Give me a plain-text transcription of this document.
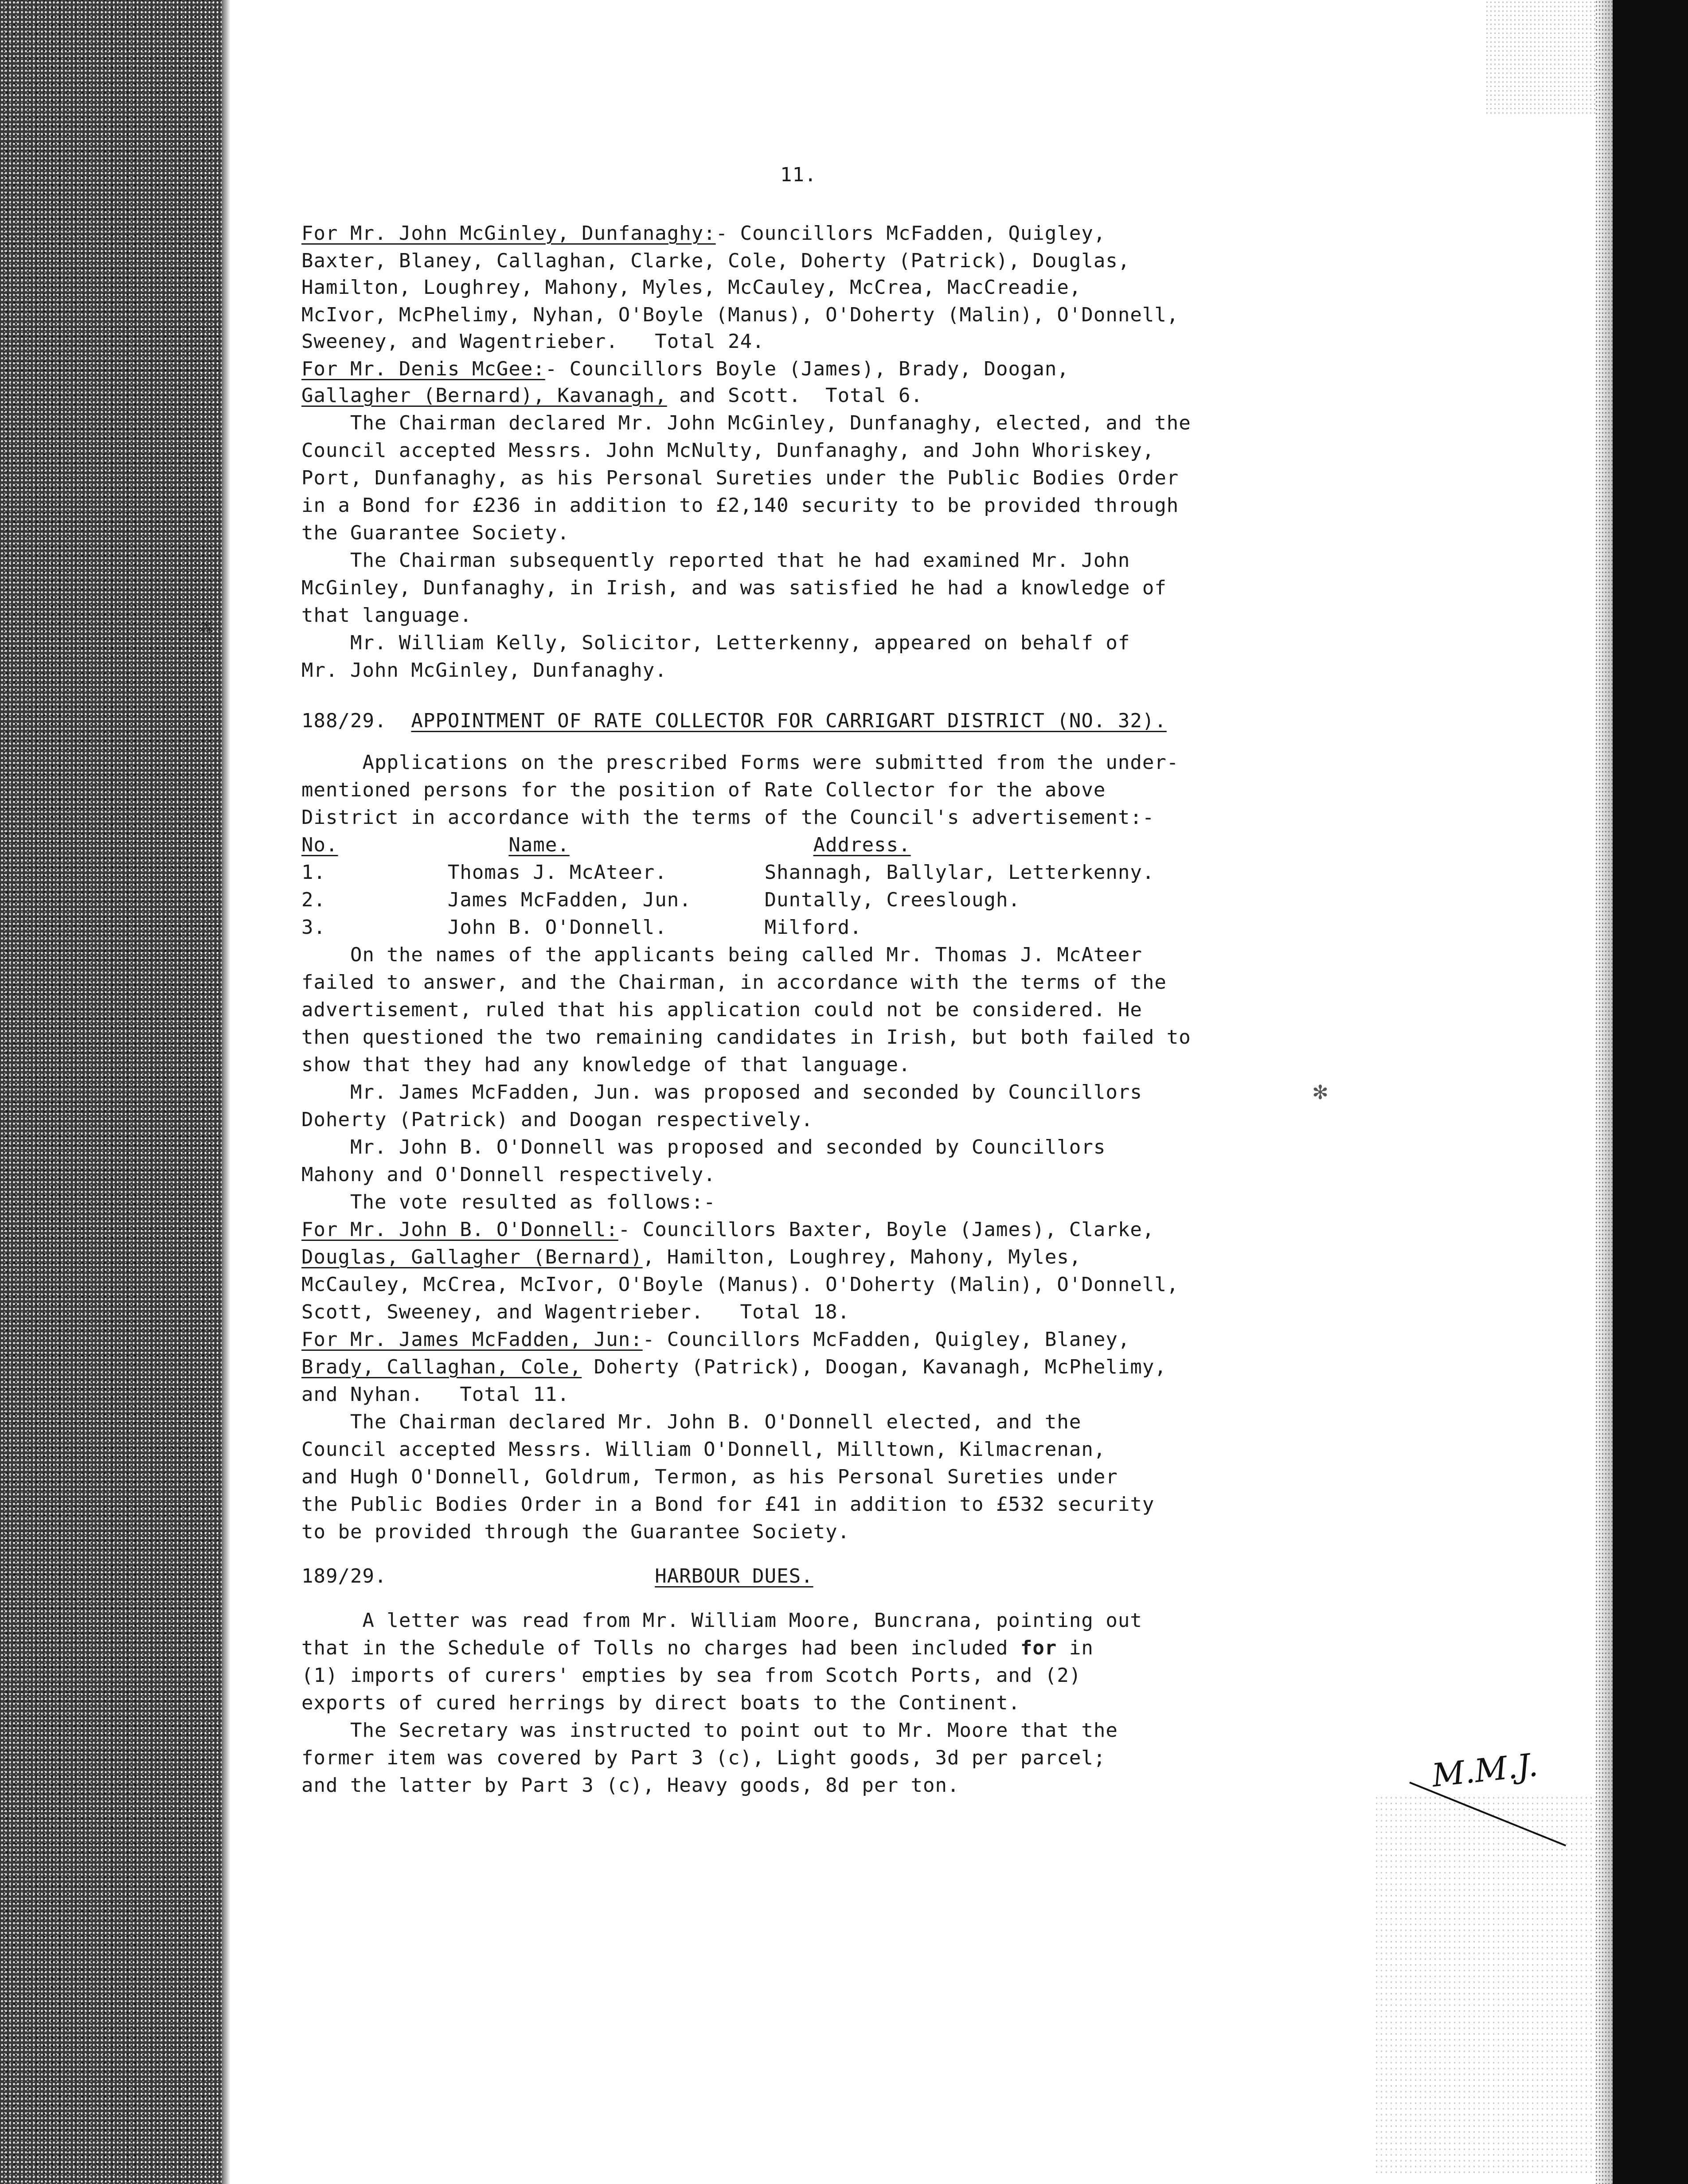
11.
For Mr. John McGinley, Dunfanaghy:- Councillors McFadden, Quigley,
Baxter, Blaney, Callaghan, Clarke, Cole, Doherty (Patrick), Douglas,
Hamilton, Loughrey, Mahony, Myles, McCauley, McCrea, MacCreadie,
McIvor, McPhelimy, Nyhan, O'Boyle (Manus), O'Doherty (Malin), O'Donnell,
Sweeney, and Wagentrieber.   Total 24.
For Mr. Denis McGee:- Councillors Boyle (James), Brady, Doogan,
Gallagher (Bernard), Kavanagh, and Scott.  Total 6.
The Chairman declared Mr. John McGinley, Dunfanaghy, elected, and the
Council accepted Messrs. John McNulty, Dunfanaghy, and John Whoriskey,
Port, Dunfanaghy, as his Personal Sureties under the Public Bodies Order
in a Bond for £236 in addition to £2,140 security to be provided through
the Guarantee Society.
The Chairman subsequently reported that he had examined Mr. John
McGinley, Dunfanaghy, in Irish, and was satisfied he had a knowledge of
that language.
Mr. William Kelly, Solicitor, Letterkenny, appeared on behalf of
Mr. John McGinley, Dunfanaghy.
188/29.  APPOINTMENT OF RATE COLLECTOR FOR CARRIGART DISTRICT (NO. 32).
Applications on the prescribed Forms were submitted from the under-
mentioned persons for the position of Rate Collector for the above
District in accordance with the terms of the Council's advertisement:-
No.	Name.	Address.
1.          Thomas J. McAteer.        Shannagh, Ballylar, Letterkenny.
2.          James McFadden, Jun.      Duntally, Creeslough.
3.          John B. O'Donnell.        Milford.
On the names of the applicants being called Mr. Thomas J. McAteer
failed to answer, and the Chairman, in accordance with the terms of the
advertisement, ruled that his application could not be considered. He
then questioned the two remaining candidates in Irish, but both failed to
show that they had any knowledge of that language.
Mr. James McFadden, Jun. was proposed and seconded by Councillors
Doherty (Patrick) and Doogan respectively.
Mr. John B. O'Donnell was proposed and seconded by Councillors
Mahony and O'Donnell respectively.
The vote resulted as follows:-
For Mr. John B. O'Donnell:- Councillors Baxter, Boyle (James), Clarke,
Douglas, Gallagher (Bernard), Hamilton, Loughrey, Mahony, Myles,
McCauley, McCrea, McIvor, O'Boyle (Manus). O'Doherty (Malin), O'Donnell,
Scott, Sweeney, and Wagentrieber.   Total 18.
For Mr. James McFadden, Jun:- Councillors McFadden, Quigley, Blaney,
Brady, Callaghan, Cole, Doherty (Patrick), Doogan, Kavanagh, McPhelimy,
and Nyhan.   Total 11.
The Chairman declared Mr. John B. O'Donnell elected, and the
Council accepted Messrs. William O'Donnell, Milltown, Kilmacrenan,
and Hugh O'Donnell, Goldrum, Termon, as his Personal Sureties under
the Public Bodies Order in a Bond for £41 in addition to £532 security
to be provided through the Guarantee Society.
189/29.                      HARBOUR DUES.
A letter was read from Mr. William Moore, Buncrana, pointing out
that in the Schedule of Tolls no charges had been included for in
(1) imports of curers' empties by sea from Scotch Ports, and (2)
exports of cured herrings by direct boats to the Continent.
The Secretary was instructed to point out to Mr. Moore that the
former item was covered by Part 3 (c), Light goods, 3d per parcel;
and the latter by Part 3 (c), Heavy goods, 8d per ton.
✻
⁂
M.M.J.
